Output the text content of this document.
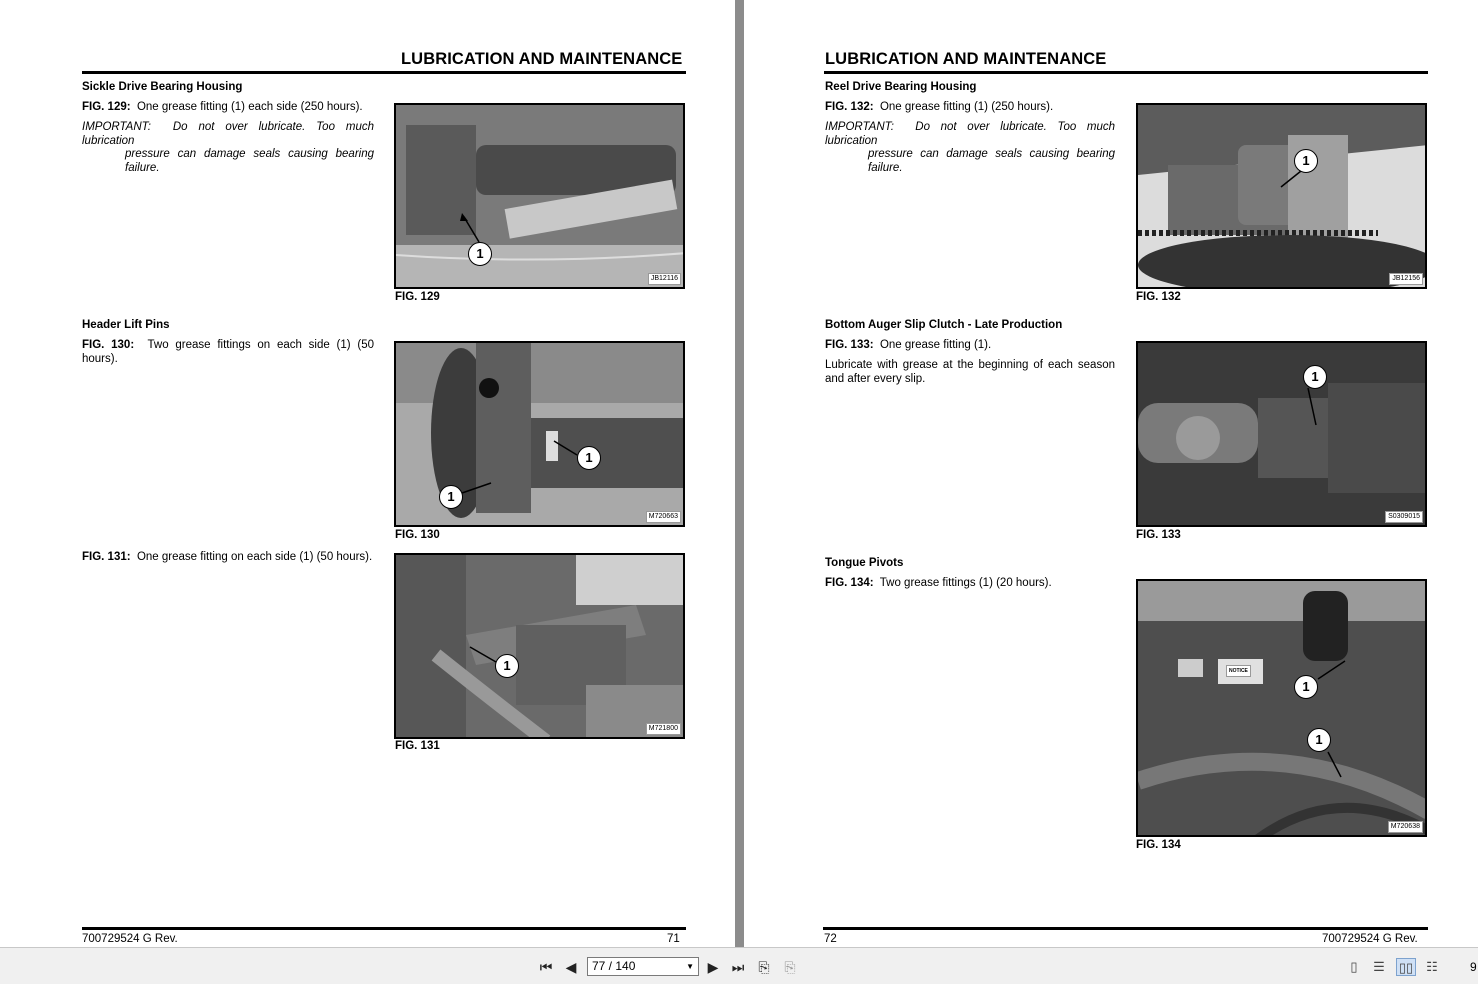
LUBRICATION AND MAINTENANCE
Sickle Drive Bearing Housing
FIG. 129: One grease fitting (1) each side (250 hours).
IMPORTANT: Do not over lubricate. Too much lubrication
pressure can damage seals causing bearing failure.
1
JB12116
FIG. 129
Header Lift Pins
FIG. 130: Two grease fittings on each side (1) (50 hours).
1
1
M720663
FIG. 130
FIG. 131: One grease fitting on each side (1) (50 hours).
1
M721800
FIG. 131
700729524 G Rev.	71
LUBRICATION AND MAINTENANCE
Reel Drive Bearing Housing
FIG. 132: One grease fitting (1) (250 hours).
IMPORTANT: Do not over lubricate. Too much lubrication
pressure can damage seals causing bearing failure.	1
JB12156
FIG. 132
Bottom Auger Slip Clutch - Late Production
FIG. 133: One grease fitting (1).
Lubricate with grease at the beginning of each season and after every slip.	1
S0309015
FIG. 133
Tongue Pivots
FIG. 134: Two grease fittings (1) (20 hours).
NOTICE
1
1
M720638
FIG. 134
72	700729524 G Rev.
⏮ ◀	77 / 140	▼ ▶ ⏭ ⎘ ⎘	▯	☰	▯▯	☷	9
